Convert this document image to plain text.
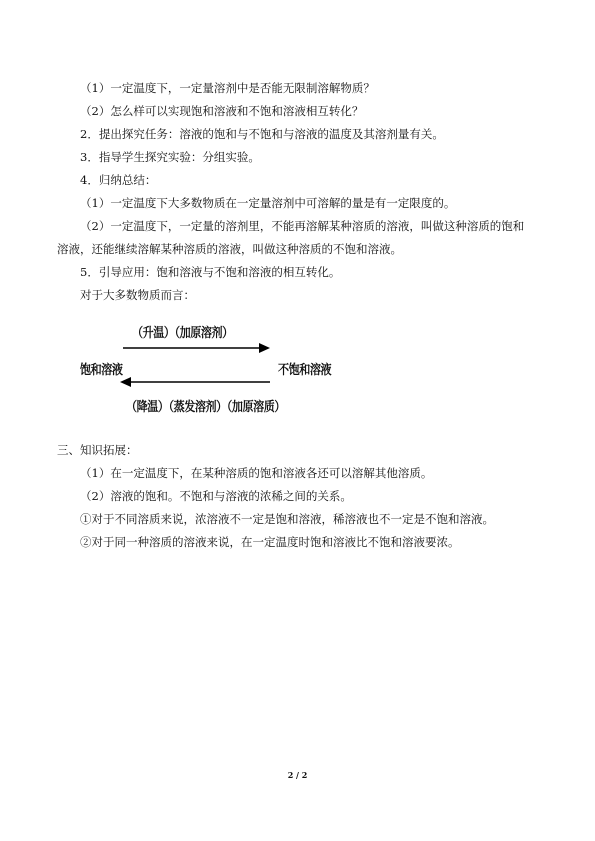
（1）一定温度下，一定量溶剂中是否能无限制溶解物质？
（2）怎么样可以实现饱和溶液和不饱和溶液相互转化？
2．提出探究任务：溶液的饱和与不饱和与溶液的温度及其溶剂量有关。
3．指导学生探究实验：分组实验。
4．归纳总结：
（1）一定温度下大多数物质在一定量溶剂中可溶解的量是有一定限度的。
（2）一定温度下，一定量的溶剂里，不能再溶解某种溶质的溶液，叫做这种溶质的饱和
溶液，还能继续溶解某种溶质的溶液，叫做这种溶质的不饱和溶液。
5．引导应用：饱和溶液与不饱和溶液的相互转化。
对于大多数物质而言：
（升温）（加原溶剂）
饱和溶液	不饱和溶液
（降温）（蒸发溶剂）（加原溶质）
三、知识拓展：
（1）在一定温度下，在某种溶质的饱和溶液各还可以溶解其他溶质。
（2）溶液的饱和。不饱和与溶液的浓稀之间的关系。
①对于不同溶质来说，浓溶液不一定是饱和溶液，稀溶液也不一定是不饱和溶液。
②对于同一种溶质的溶液来说，在一定温度时饱和溶液比不饱和溶液要浓。
2 / 2
